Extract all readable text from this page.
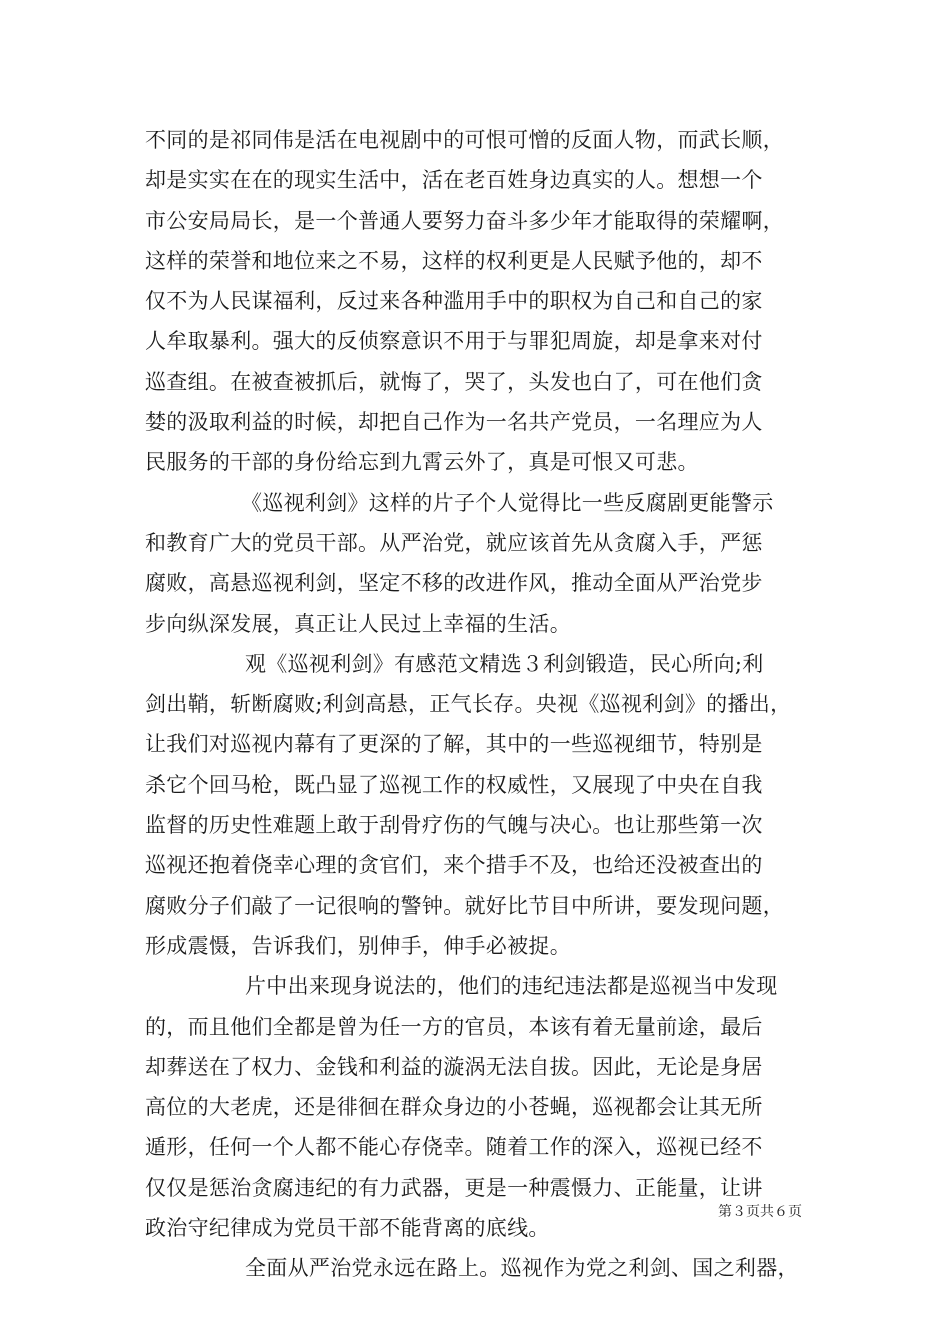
不同的是祁同伟是活在电视剧中的可恨可憎的反面人物，而武长顺，
却是实实在在的现实生活中，活在老百姓身边真实的人。想想一个
市公安局局长，是一个普通人要努力奋斗多少年才能取得的荣耀啊，
这样的荣誉和地位来之不易，这样的权利更是人民赋予他的，却不
仅不为人民谋福利，反过来各种滥用手中的职权为自己和自己的家
人牟取暴利。强大的反侦察意识不用于与罪犯周旋，却是拿来对付
巡查组。在被查被抓后，就悔了，哭了，头发也白了，可在他们贪
婪的汲取利益的时候，却把自己作为一名共产党员，一名理应为人
民服务的干部的身份给忘到九霄云外了，真是可恨又可悲。
《巡视利剑》这样的片子个人觉得比一些反腐剧更能警示
和教育广大的党员干部。从严治党，就应该首先从贪腐入手，严惩
腐败，高悬巡视利剑，坚定不移的改进作风，推动全面从严治党步
步向纵深发展，真正让人民过上幸福的生活。
观《巡视利剑》有感范文精选３利剑锻造，民心所向;利
剑出鞘，斩断腐败;利剑高悬，正气长存。央视《巡视利剑》的播出，
让我们对巡视内幕有了更深的了解，其中的一些巡视细节，特别是
杀它个回马枪，既凸显了巡视工作的权威性，又展现了中央在自我
监督的历史性难题上敢于刮骨疗伤的气魄与决心。也让那些第一次
巡视还抱着侥幸心理的贪官们，来个措手不及，也给还没被查出的
腐败分子们敲了一记很响的警钟。就好比节目中所讲，要发现问题，
形成震慑，告诉我们，别伸手，伸手必被捉。
片中出来现身说法的，他们的违纪违法都是巡视当中发现
的，而且他们全都是曾为任一方的官员，本该有着无量前途，最后
却葬送在了权力、金钱和利益的漩涡无法自拔。因此，无论是身居
高位的大老虎，还是徘徊在群众身边的小苍蝇，巡视都会让其无所
遁形，任何一个人都不能心存侥幸。随着工作的深入，巡视已经不
仅仅是惩治贪腐违纪的有力武器，更是一种震慑力、正能量，让讲
政治守纪律成为党员干部不能背离的底线。
全面从严治党永远在路上。巡视作为党之利剑、国之利器，
第３页共６页
